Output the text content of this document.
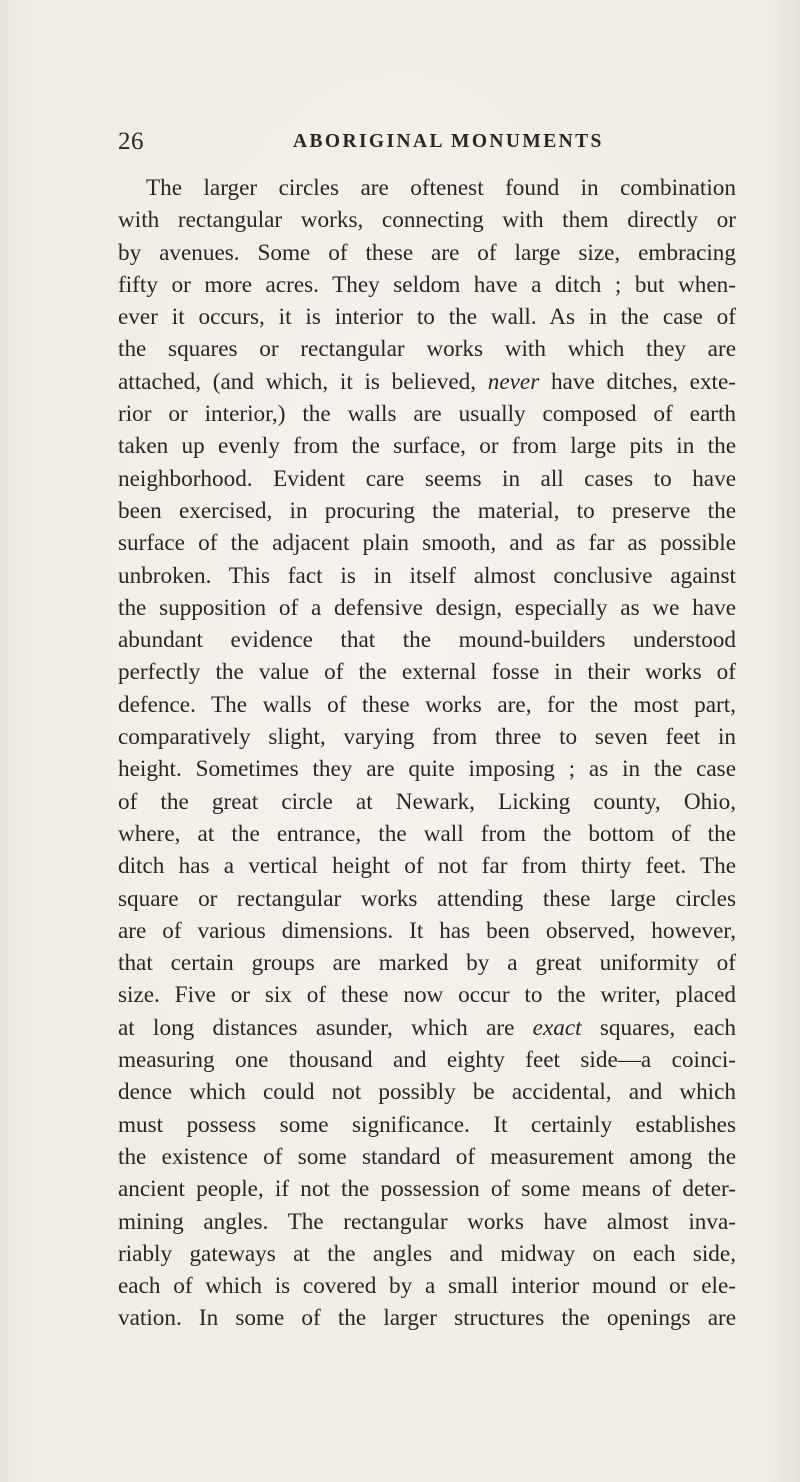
26	ABORIGINAL MONUMENTS
The larger circles are oftenest found in combination
with rectangular works, connecting with them directly or
by avenues. Some of these are of large size, embracing
fifty or more acres. They seldom have a ditch ; but when-
ever it occurs, it is interior to the wall. As in the case of
the squares or rectangular works with which they are
attached, (and which, it is believed, never have ditches, exte-
rior or interior,) the walls are usually composed of earth
taken up evenly from the surface, or from large pits in the
neighborhood. Evident care seems in all cases to have
been exercised, in procuring the material, to preserve the
surface of the adjacent plain smooth, and as far as possible
unbroken. This fact is in itself almost conclusive against
the supposition of a defensive design, especially as we have
abundant evidence that the mound-builders understood
perfectly the value of the external fosse in their works of
defence. The walls of these works are, for the most part,
comparatively slight, varying from three to seven feet in
height. Sometimes they are quite imposing ; as in the case
of the great circle at Newark, Licking county, Ohio,
where, at the entrance, the wall from the bottom of the
ditch has a vertical height of not far from thirty feet. The
square or rectangular works attending these large circles
are of various dimensions. It has been observed, however,
that certain groups are marked by a great uniformity of
size. Five or six of these now occur to the writer, placed
at long distances asunder, which are exact squares, each
measuring one thousand and eighty feet side—a coinci-
dence which could not possibly be accidental, and which
must possess some significance. It certainly establishes
the existence of some standard of measurement among the
ancient people, if not the possession of some means of deter-
mining angles. The rectangular works have almost inva-
riably gateways at the angles and midway on each side,
each of which is covered by a small interior mound or ele-
vation. In some of the larger structures the openings are
